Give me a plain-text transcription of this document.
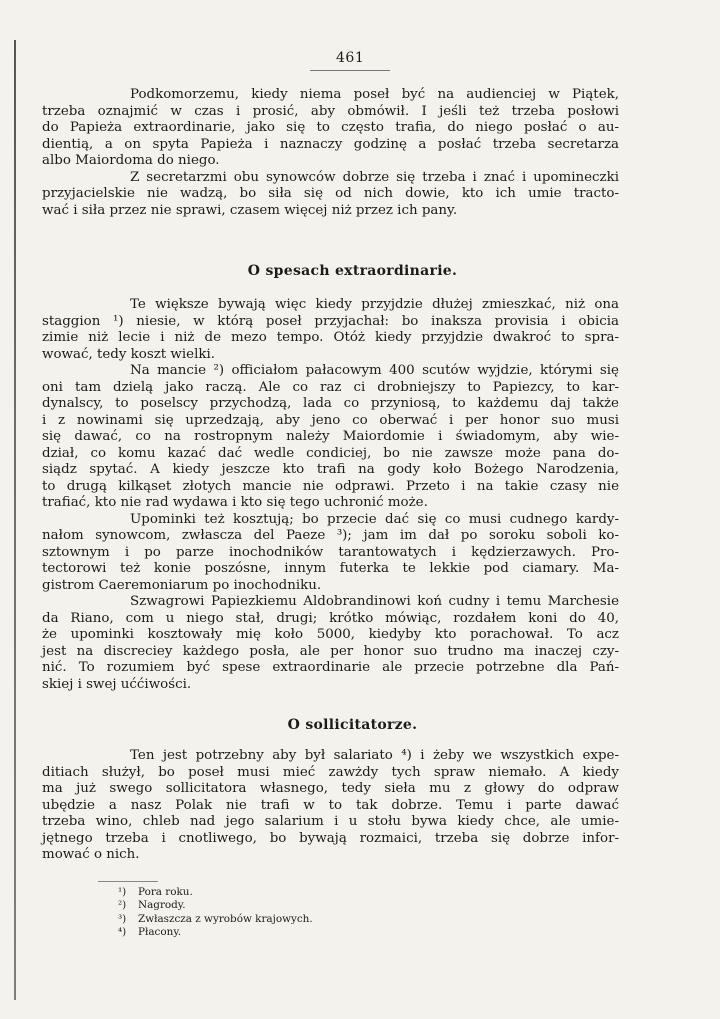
461

Podkomorzemu, kiedy niema poseł być na audienciej w Piątek,
trzeba oznajmić w czas i prosić, aby obmówił. I jeśli też trzeba posłowi
do Papieża extraordinarie, jako się to często trafia, do niego posłać o au-
dientią, a on spyta Papieża i naznaczy godzinę a posłać trzeba secretarza
albo Maiordoma do niego.

Z secretarzmi obu synowców dobrze się trzeba i znać i upomineczki
przyjacielskie nie wadzą, bo siła się od nich dowie, kto ich umie tracto-
wać i siła przez nie sprawi, czasem więcej niż przez ich pany.

O spesach extraordinarie.

Te większe bywają więc kiedy przyjdzie dłużej zmieszkać, niż ona
staggion ¹) niesie, w którą poseł przyjachał: bo inaksza provisia i obicia
zimie niż lecie i niż de mezo tempo. Otóż kiedy przyjdzie dwakroć to spra-
wować, tedy koszt wielki.

Na mancie ²) officiałom pałacowym 400 scutów wyjdzie, którymi się
oni tam dzielą jako raczą. Ale co raz ci drobniejszy to Papiezcy, to kar-
dynalscy, to poselscy przychodzą, lada co przyniosą, to każdemu daj także
i z nowinami się uprzedzają, aby jeno co oberwać i per honor suo musi
się dawać, co na rostropnym należy Maiordomie i świadomym, aby wie-
dział, co komu kazać dać wedle condiciej, bo nie zawsze może pana do-
siądz spytać. A kiedy jeszcze kto trafi na gody koło Bożego Narodzenia,
to drugą kilkąset złotych mancie nie odprawi. Przeto i na takie czasy nie
trafiać, kto nie rad wydawa i kto się tego uchronić może.

Upominki też kosztują; bo przecie dać się co musi cudnego kardy-
nałom synowcom, zwłascza del Paeze ³); jam im dał po soroku soboli ko-
sztownym i po parze inochodników tarantowatych i kędzierzawych. Pro-
tectorowi też konie poszósne, innym futerka te lekkie pod ciamary. Ma-
gistrom Caeremoniarum po inochodniku.

Szwagrowi Papiezkiemu Aldobrandinowi koń cudny i temu Marchesie
da Riano, com u niego stał, drugi; krótko mówiąc, rozdałem koni do 40,
że upominki kosztowały mię koło 5000, kiedyby kto porachował. To acz
jest na discreciey każdego posła, ale per honor suo trudno ma inaczej czy-
nić. To rozumiem być spese extraordinarie ale przecie potrzebne dla Pań-
skiej i swej uććiwości.

O sollicitatorze.

Ten jest potrzebny aby był salariato ⁴) i żeby we wszystkich expe-
ditiach służył, bo poseł musi mieć zawżdy tych spraw niemało. A kiedy
ma już swego sollicitatora własnego, tedy sieła mu z głowy do odpraw
ubędzie a nasz Polak nie trafi w to tak dobrze. Temu i parte dawać
trzeba wino, chleb nad jego salarium i u stołu bywa kiedy chce, ale umie-
jętnego trzeba i cnotliwego, bo bywają rozmaici, trzeba się dobrze infor-
mować o nich.

¹) Pora roku.
²) Nagrody.
³) Zwłaszcza z wyrobów krajowych.
⁴) Płacony.
